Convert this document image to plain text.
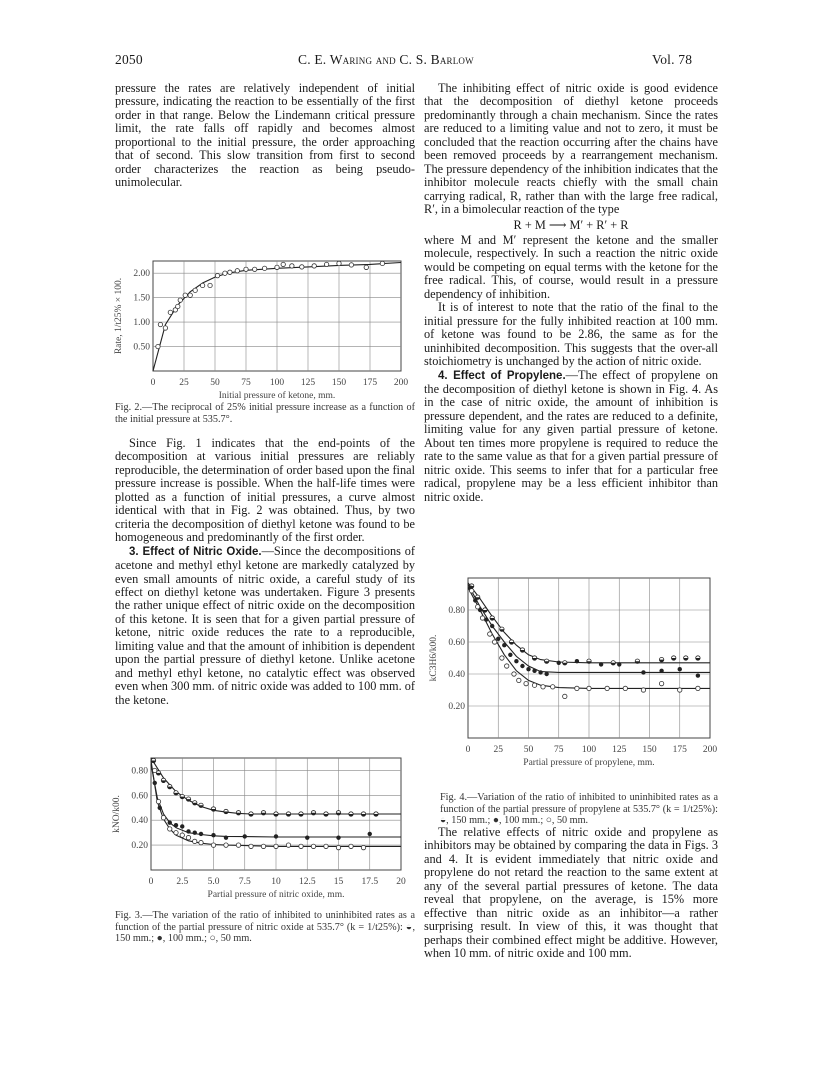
2050	C. E. Waring and C. S. Barlow	Vol. 78

pressure the rates are relatively independent of initial pressure, indicating the reaction to be essentially of the first order in that range. Below the Lindemann critical pressure limit, the rate falls off rapidly and becomes almost proportional to the initial pressure, the order approaching that of second. This slow transition from first to second order characterizes the reaction as being pseudo-unimolecular.

0	25 50 75 100 125 150 175 200
0.50
1.00
1.50
2.00
Initial pressure of ketone, mm.
Rate, 1/t25% × 100.
Fig. 2.—The reciprocal of 25% initial pressure increase as a function of the initial pressure at 535.7°.

Since Fig. 1 indicates that the end-points of the decomposition at various initial pressures are reliably reproducible, the determination of order based upon the final pressure increase is possible. When the half-life times were plotted as a function of initial pressures, a curve almost identical with that in Fig. 2 was obtained. Thus, by two criteria the decomposition of diethyl ketone was found to be homogeneous and predominantly of the first order.

3. Effect of Nitric Oxide.—Since the decompositions of acetone and methyl ethyl ketone are markedly catalyzed by even small amounts of nitric oxide, a careful study of its effect on diethyl ketone was undertaken. Figure 3 presents the rather unique effect of nitric oxide on the decomposition of this ketone. It is seen that for a given partial pressure of ketone, nitric oxide reduces the rate to a reproducible, limiting value and that the amount of inhibition is dependent upon the partial pressure of diethyl ketone. Unlike acetone and methyl ethyl ketone, no catalytic effect was observed even when 300 mm. of nitric oxide was added to 100 mm. of the ketone.

0 2.5 5.0 7.5 10 12.5 15 17.5 20
0.20
0.40
0.60
0.80
Partial pressure of nitric oxide, mm.
kNO/k00.
Fig. 3.—The variation of the ratio of inhibited to uninhibited rates as a function of the partial pressure of nitric oxide at 535.7° (k = 1/t25%): ◒, 150 mm.; ●, 100 mm.; ○, 50 mm.

The inhibiting effect of nitric oxide is good evidence that the decomposition of diethyl ketone proceeds predominantly through a chain mechanism. Since the rates are reduced to a limiting value and not to zero, it must be concluded that the reaction occurring after the chains have been removed proceeds by a rearrangement mechanism. The pressure dependency of the inhibition indicates that the inhibitor molecule reacts chiefly with the small chain carrying radical, R, rather than with the large free radical, R′, in a bimolecular reaction of the type

R + M ⟶ M′ + R′ + R

where M and M′ represent the ketone and the smaller molecule, respectively. In such a reaction the nitric oxide would be competing on equal terms with the ketone for the free radical. This, of course, would result in a pressure dependency of inhibition.

It is of interest to note that the ratio of the final to the initial pressure for the fully inhibited reaction at 100 mm. of ketone was found to be 2.86, the same as for the uninhibited decomposition. This suggests that the over-all stoichiometry is unchanged by the action of nitric oxide.

4. Effect of Propylene.—The effect of propylene on the decomposition of diethyl ketone is shown in Fig. 4. As in the case of nitric oxide, the amount of inhibition is pressure dependent, and the rates are reduced to a definite, limiting value for any given partial pressure of ketone. About ten times more propylene is required to reduce the rate to the same value as that for a given partial pressure of nitric oxide. This seems to infer that for a particular free radical, propylene may be a less efficient inhibitor than nitric oxide.

0 25 50 75 100 125 150 175 200
0.20
0.40
0.60
0.80
Partial pressure of propylene, mm.
kC3H6/k00.
Fig. 4.—Variation of the ratio of inhibited to uninhibited rates as a function of the partial pressure of propylene at 535.7° (k = 1/t25%): ◒, 150 mm.; ●, 100 mm.; ○, 50 mm.

The relative effects of nitric oxide and propylene as inhibitors may be obtained by comparing the data in Figs. 3 and 4. It is evident immediately that nitric oxide and propylene do not retard the reaction to the same extent at any of the several partial pressures of ketone. The data reveal that propylene, on the average, is 15% more effective than nitric oxide as an inhibitor—a rather surprising result. In view of this, it was thought that perhaps their combined effect might be additive. However, when 10 mm. of nitric oxide and 100 mm.
